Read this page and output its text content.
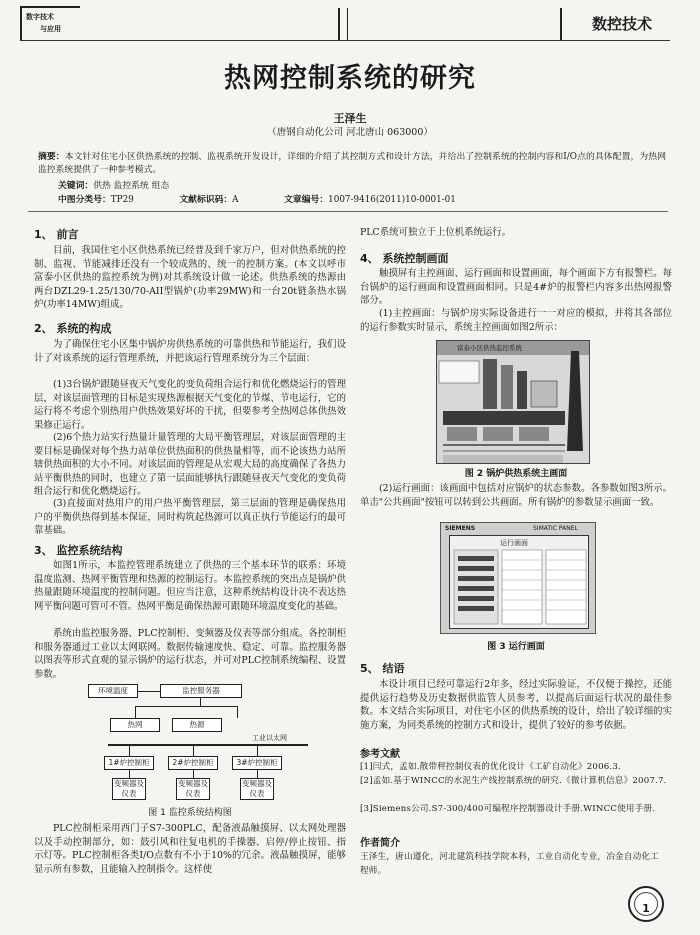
数字技术
与应用	数控技术
热网控制系统的研究
王泽生
（唐钢自动化公司 河北唐山 063000）
摘要：本文针对住宅小区供热系统的控制、监视系统开发设计，详细的介绍了其控制方式和设计方法，并给出了控制系统的控制内容和I/O点的具体配置，为热网监控系统提供了一种参考模式。
关键词：供热 监控系统 组态
中图分类号：TP29	文献标识码：A	文章编号：1007-9416(2011)10-0001-01
1、 前言
目前，我国住宅小区供热系统已经普及到千家万户，但对供热系统的控制、监视、节能减排还没有一个较成熟的、统一的控制方案。(本文以呼市富泰小区供热的监控系统为例)对其系统设计做一论述。供热系统的热源由两台DZL29-1.25/130/70-AII型锅炉(功率29MW)和一台20t链条热水锅炉(功率14MW)组成。
2、 系统的构成
为了确保住宅小区集中锅炉房供热系统的可靠供热和节能运行，我们设计了对该系统的运行管理系统，并把该运行管理系统分为三个层面：
(1)3台锅炉跟随昼夜天气变化的变负荷组合运行和优化燃烧运行的管理层，对该层面管理的目标是实现热源根据天气变化的节煤、节电运行，它的运行将不考虑个别热用户供热效果好坏的干扰，但要参考全热网总体供热效果修正运行。
(2)6个热力站实行热量计量管理的大局平衡管理层，对该层面管理的主要目标是确保对每个热力站单位供热面积的供热量相等，而不论该热力站所辖供热面积的大小不同。对该层面的管理是从宏观大局的高度确保了各热力站平衡供热的同时，也建立了第一层面能够执行跟随昼夜天气变化的变负荷组合运行和优化燃烧运行。
(3)直接面对热用户的用户热平衡管理层，第三层面的管理是确保热用户的平衡供热得到基本保证，同时构筑起热源可以真正执行节能运行的最可靠基础。
3、 监控系统结构
如图1所示，本监控管理系统建立了供热的三个基本环节的联系：环境温度监测、热网平衡管理和热源的控制运行。本监控系统的突出点是锅炉供热量跟随环境温度的控制问题。但应当注意，这种系统结构设计决不表达热网平衡问题可管可不管。热网平衡是确保热源可跟随环境温度变化的基础。
系统由监控服务器、PLC控制柜、变频器及仪表等部分组成。各控制柜和服务器通过工业以太网联网。数据传输速度快、稳定、可靠。监控服务器以图表等形式直观的显示锅炉的运行状态，并可对PLC控制系统编程、设置参数。
环境温度	监控服务器
热网	热源
工业以太网
1#炉控制柜	2#炉控制柜	3#炉控制柜
变频器及仪表
变频器及仪表
变频器及仪表
图 1 监控系统结构图
PLC控制柜采用西门子S7-300PLC，配备液晶触摸屏、以太网处理器以及手动控制部分，如：鼓引风和往复电机的手操器、启停/停止按钮、指示灯等。PLC控制柜各类I/O点数有不小于10%的冗余。液晶触摸屏，能够显示所有参数，且能输入控制指令。这样使
PLC系统可独立于上位机系统运行。
4、 系统控制画面
触摸屏有主控画面、运行画面和设置画面，每个画面下方有报警栏。每台锅炉的运行画面和设置画面相同。只是4#炉的报警栏内容多出热网报警部分。
(1)主控画面：与锅炉房实际设备进行一一对应的模拟，并将其各部位的运行参数实时显示，系统主控画面如图2所示：
富泰小区供热监控系统
图 2 锅炉供热系统主画面
(2)运行画面：该画面中包括对应锅炉的状态参数。各参数如图3所示。单击"公共画面"按钮可以转到公共画面。所有锅炉的参数显示画面一致。
SIEMENS	SIMATIC PANEL
运行画面
图 3 运行画面
5、 结语
本设计项目已经可靠运行2年多，经过实际验证，不仅便于操控，还能提供运行趋势及历史数据供监管人员参考，以提高后面运行状况的最佳参数。本文结合实际项目，对住宅小区的供热系统的设计，给出了较详细的实施方案，为同类系统的控制方式和设计，提供了较好的参考依据。
参考文献
[1]闫式，孟如.散带秤控制仪表的优化设计《工矿自动化》2006.3.
[2]孟如.基于WINCC的水泥生产线控制系统的研究.《微计算机信息》2007.7.
[3]Siemens公司.S7-300/400可编程序控制器设计手册.WINCC使用手册.
作者简介
王泽生，唐山遵化，河北建筑科技学院本科，工业自动化专业，冶金自动化工程师。
1
